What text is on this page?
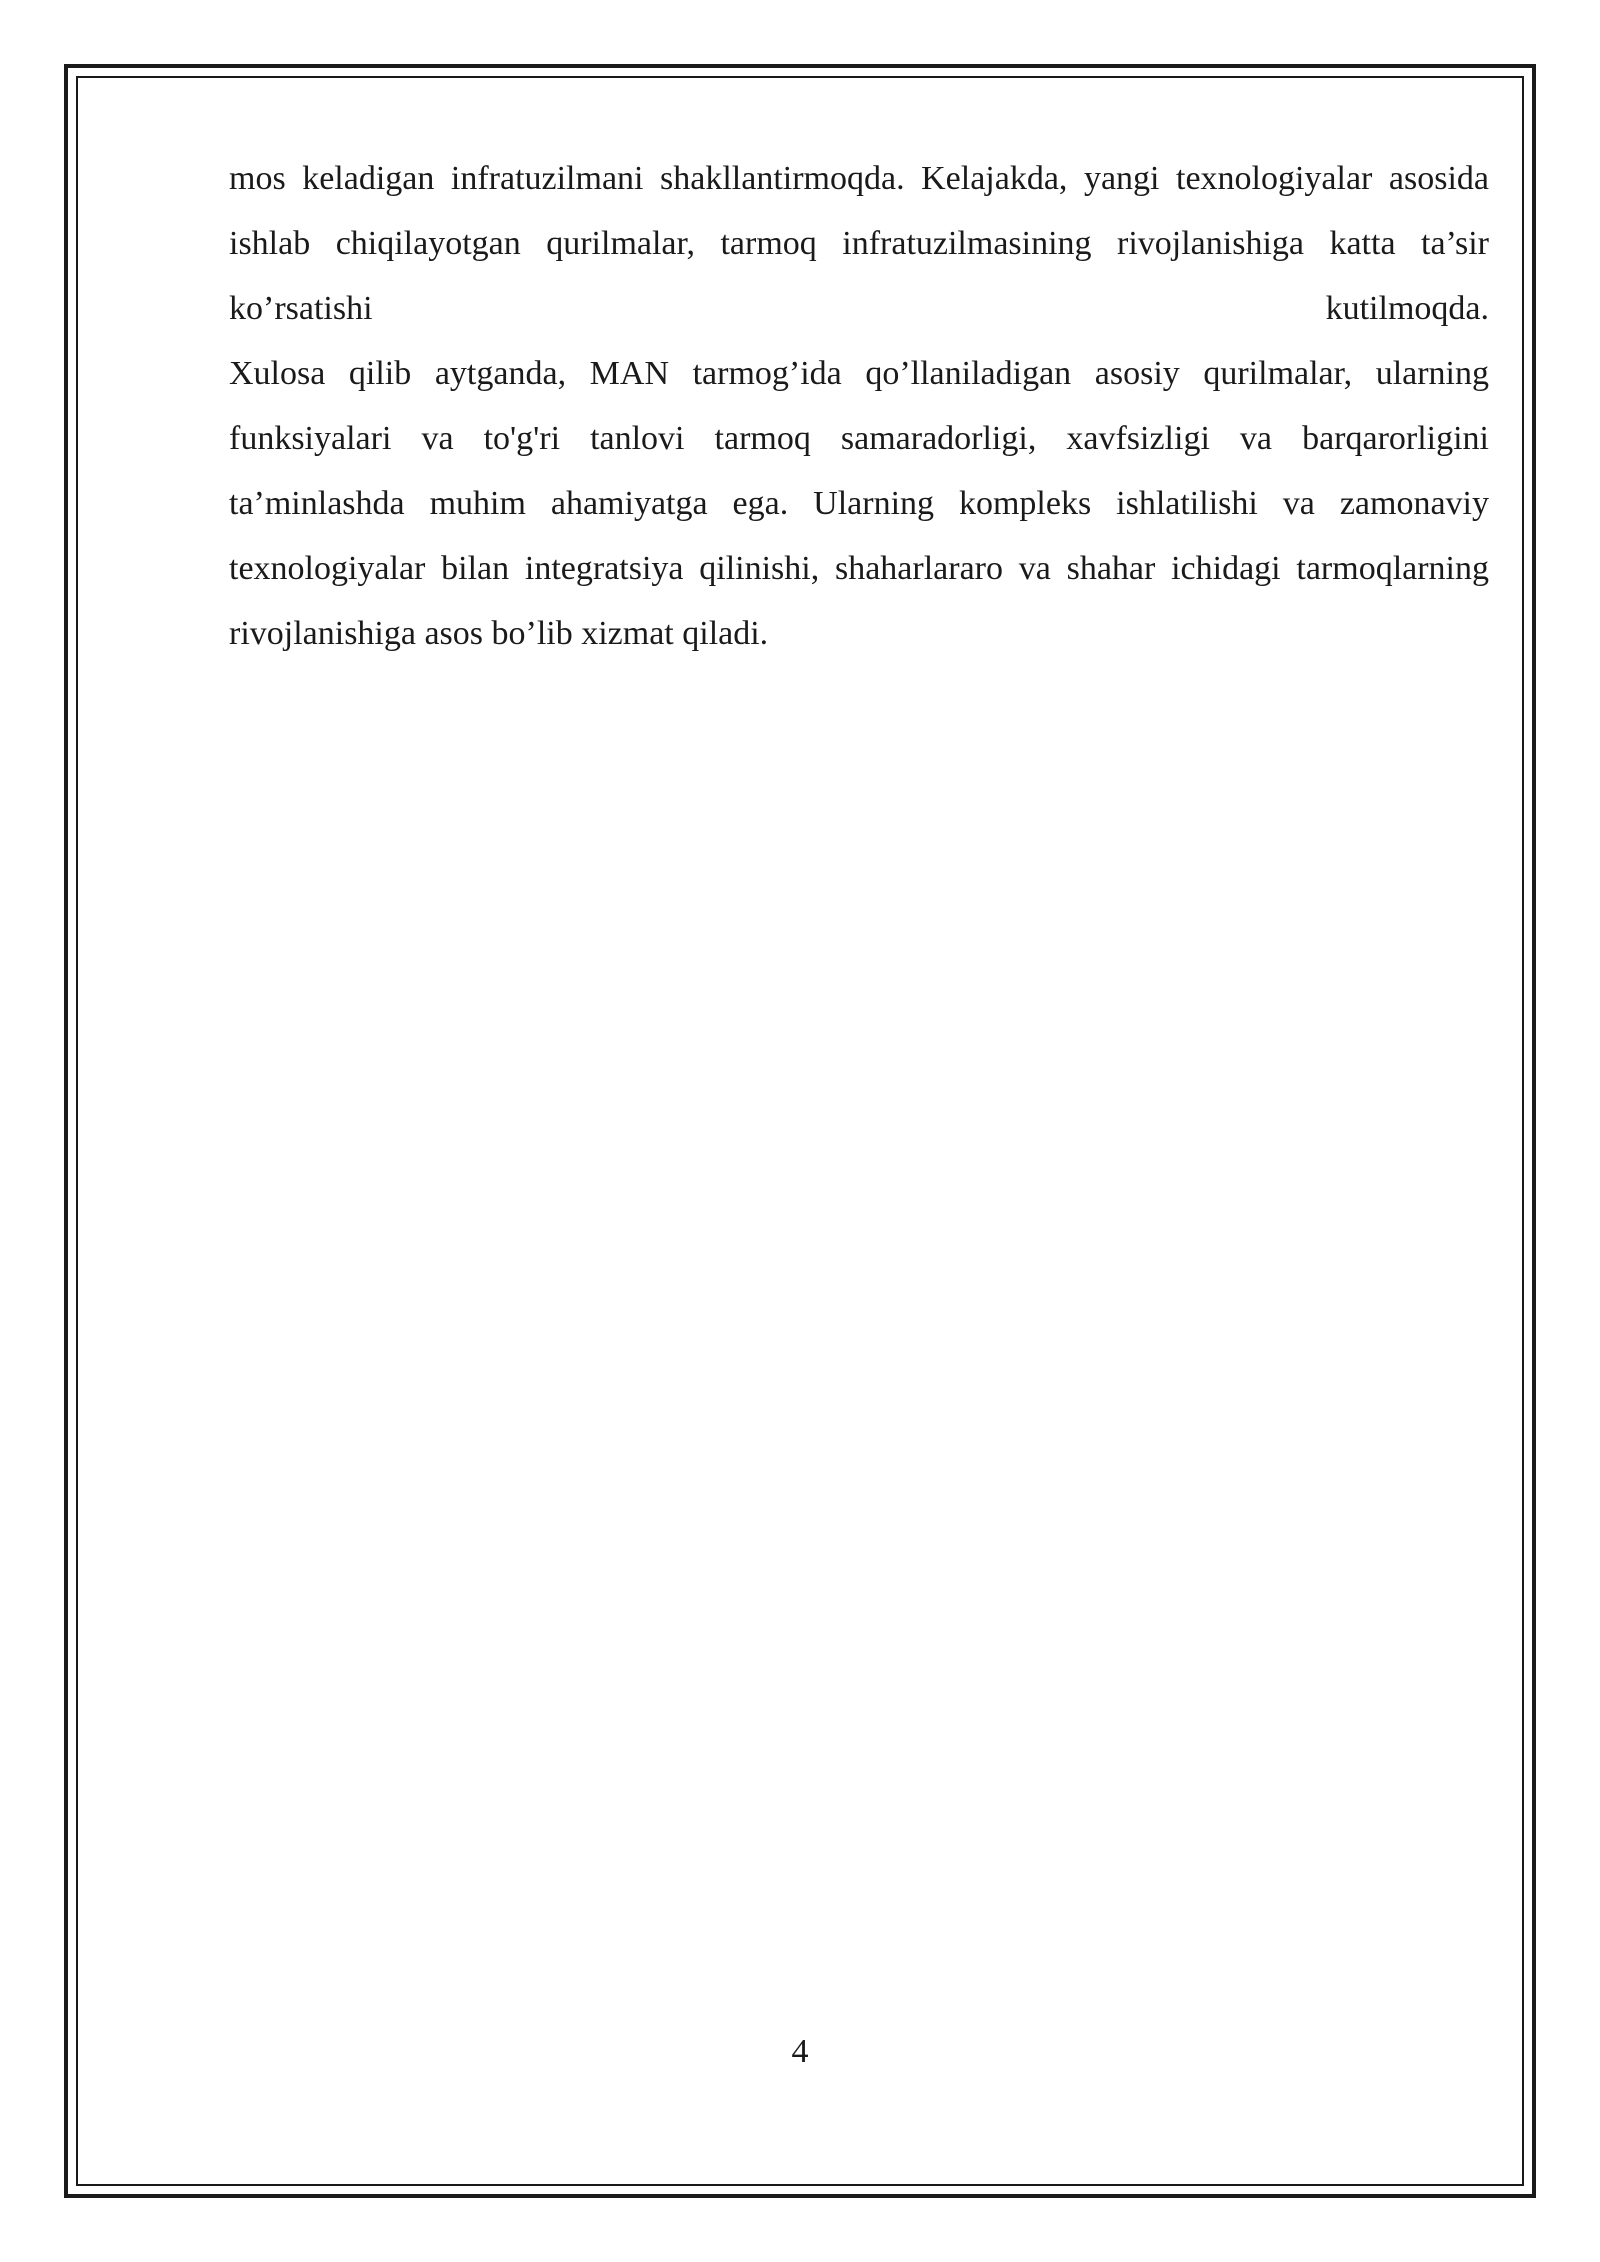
mos keladigan infratuzilmani shakllantirmoqda. Kelajakda, yangi texnologiyalar asosida ishlab chiqilayotgan qurilmalar, tarmoq infratuzilmasining rivojlanishiga katta ta’sir ko’rsatishi kutilmoqda.

Xulosa qilib aytganda, MAN tarmog’ida qo’llaniladigan asosiy qurilmalar, ularning funksiyalari va to'g'ri tanlovi tarmoq samaradorligi, xavfsizligi va barqarorligini ta’minlashda muhim ahamiyatga ega. Ularning kompleks ishlatilishi va zamonaviy texnologiyalar bilan integratsiya qilinishi, shaharlararo va shahar ichidagi tarmoqlarning rivojlanishiga asos bo’lib xizmat qiladi.

4
